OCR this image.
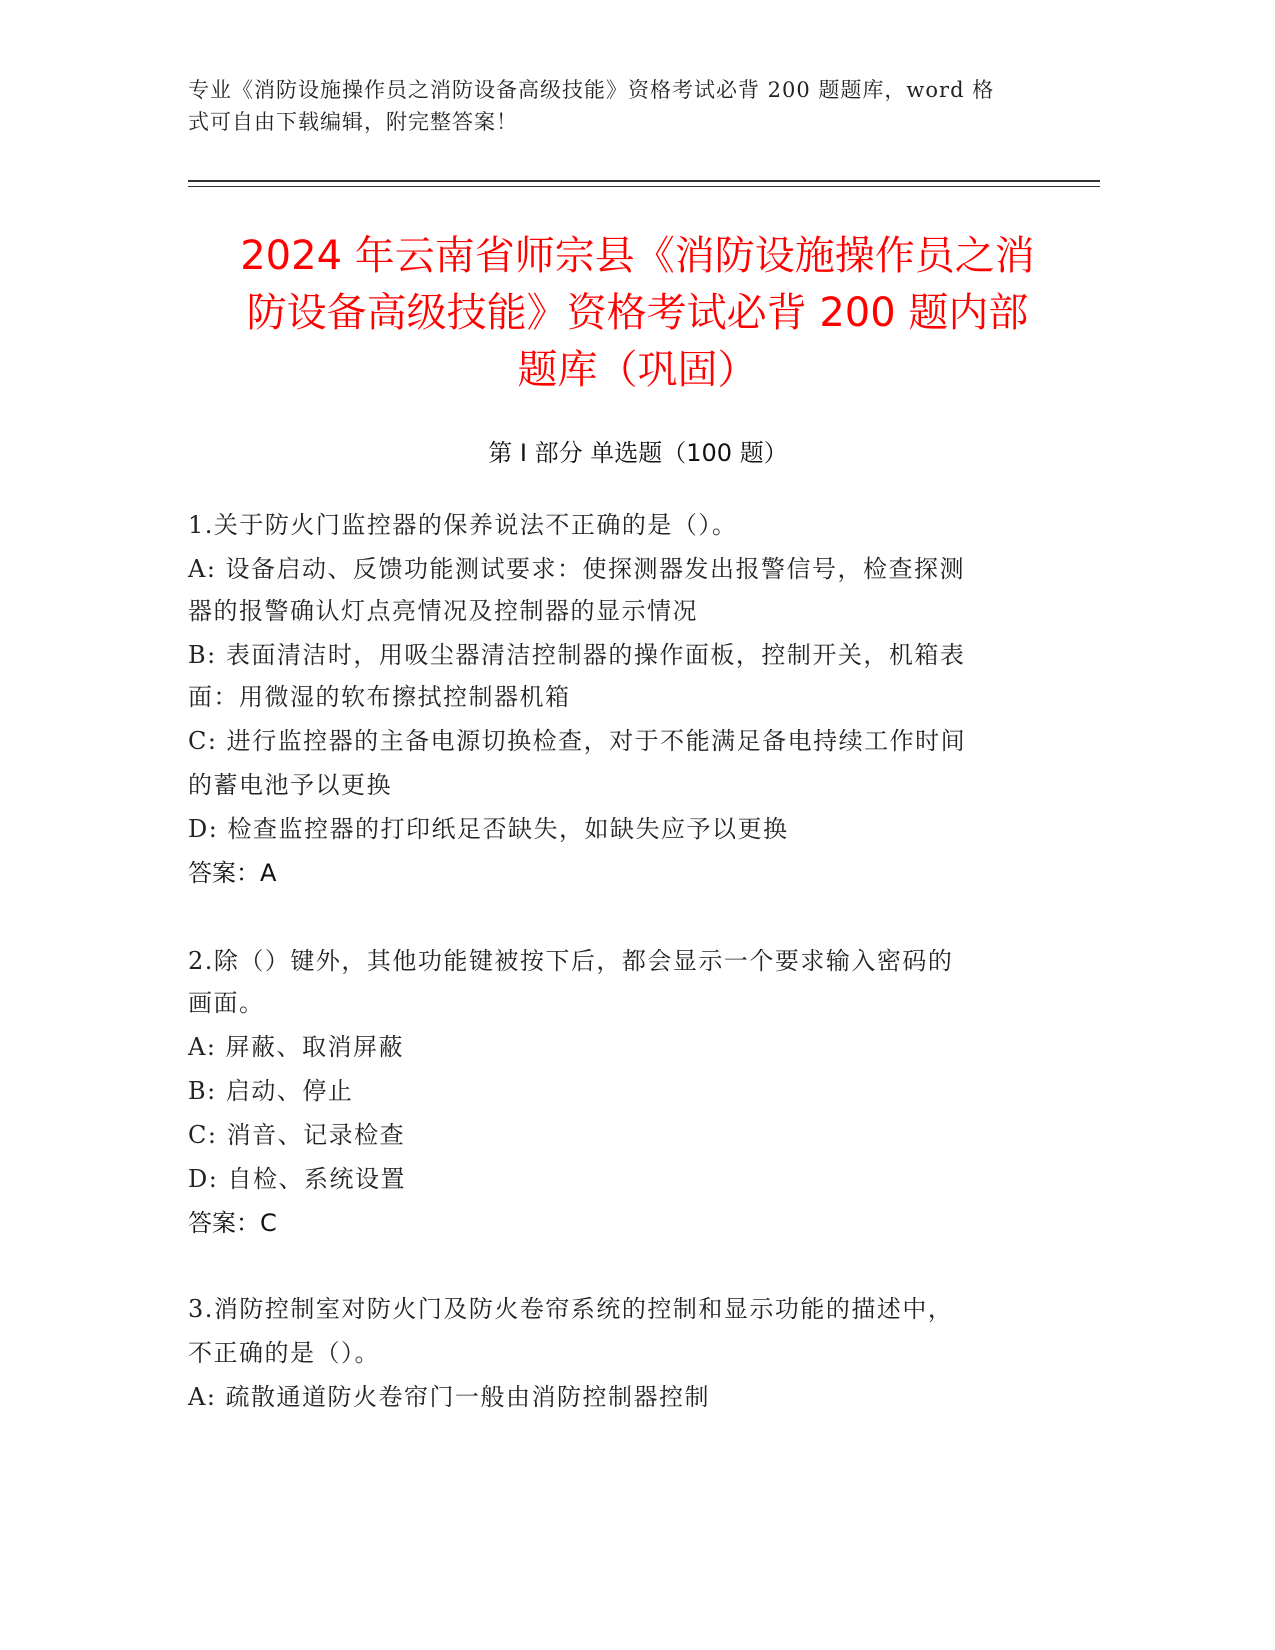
专业《消防设施操作员之消防设备高级技能》资格考试必背 200 题题库，word 格
式可自由下载编辑，附完整答案！
2024 年云南省师宗县《消防设施操作员之消
防设备高级技能》资格考试必背 200 题内部
题库（巩固）
第 I 部分 单选题（100 题）
1.关于防火门监控器的保养说法不正确的是（）。
A: 设备启动、反馈功能测试要求：使探测器发出报警信号，检查探测
器的报警确认灯点亮情况及控制器的显示情况
B: 表面清洁时，用吸尘器清洁控制器的操作面板，控制开关，机箱表
面：用微湿的软布擦拭控制器机箱
C: 进行监控器的主备电源切换检查，对于不能满足备电持续工作时间
的蓄电池予以更换
D: 检查监控器的打印纸足否缺失，如缺失应予以更换
答案：A
2.除（）键外，其他功能键被按下后，都会显示一个要求输入密码的
画面。
A: 屏蔽、取消屏蔽
B: 启动、停止
C: 消音、记录检查
D: 自检、系统设置
答案：C
3.消防控制室对防火门及防火卷帘系统的控制和显示功能的描述中，
不正确的是（）。
A: 疏散通道防火卷帘门一般由消防控制器控制
